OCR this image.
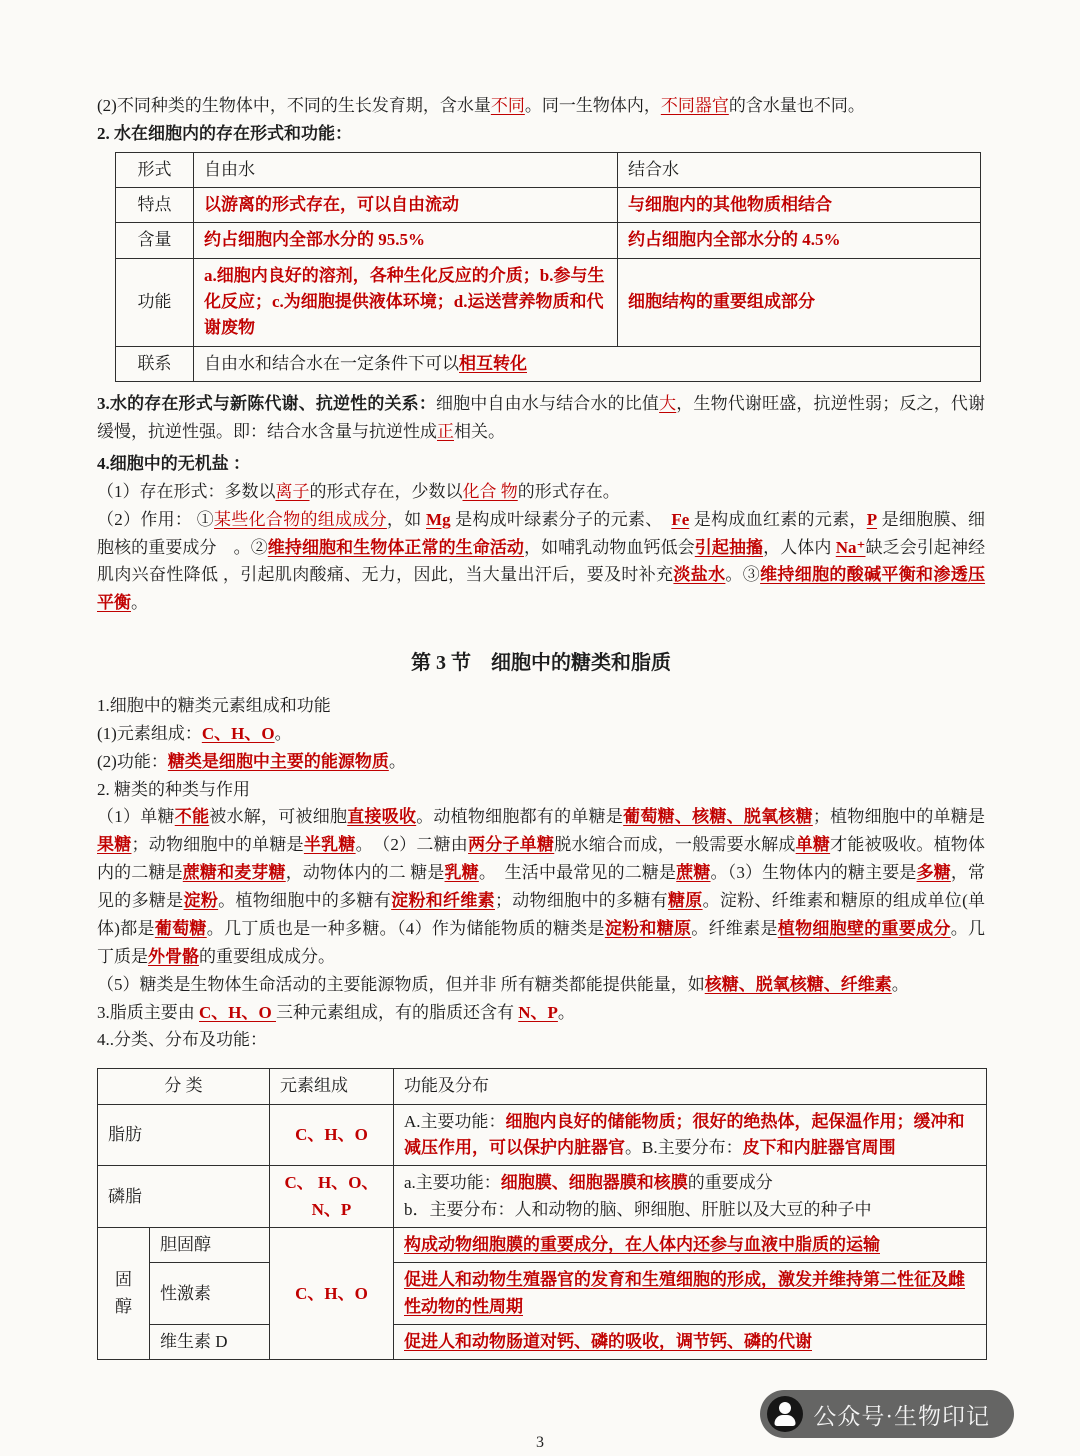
(2)不同种类的生物体中，不同的生长发育期，含水量不同。同一生物体内，不同器官的含水量也不同。

2. 水在细胞内的存在形式和功能：

形式	自由水	结合水
特点	以游离的形式存在，可以自由流动	与细胞内的其他物质相结合
含量	约占细胞内全部水分的 95.5%	约占细胞内全部水分的 4.5%
功能	a.细胞内良好的溶剂，各种生化反应的介质；b.参与生化反应；c.为细胞提供液体环境；d.运送营养物质和代谢废物	细胞结构的重要组成部分
联系	自由水和结合水在一定条件下可以相互转化	

3.水的存在形式与新陈代谢、抗逆性的关系：细胞中自由水与结合水的比值大，生物代谢旺盛，抗逆性弱；反之，代谢缓慢，抗逆性强。即：结合水含量与抗逆性成正相关。

4.细胞中的无机盐 ：

（1）存在形式：多数以离子的形式存在，少数以化合 物的形式存在。

（2）作用： ①某些化合物的组成成分，如 Mg 是构成叶绿素分子的元素、　Fe 是构成血红素的元素，P 是细胞膜、细胞核的重要成分　。②维持细胞和生物体正常的生命活动，如哺乳动物血钙低会引起抽搐，人体内 Na⁺缺乏会引起神经肌肉兴奋性降低 ，引起肌肉酸痛、无力，因此，当大量出汗后，要及时补充淡盐水。③维持细胞的酸碱平衡和渗透压平衡。

第 3 节　细胞中的糖类和脂质

1.细胞中的糖类元素组成和功能

(1)元素组成：C、H、O。

(2)功能：糖类是细胞中主要的能源物质。

2. 糖类的种类与作用

（1）单糖不能被水解，可被细胞直接吸收。动植物细胞都有的单糖是葡萄糖、核糖、脱氧核糖；植物细胞中的单糖是果糖；动物细胞中的单糖是半乳糖。　（2）二糖由两分子单糖脱水缩合而成，一般需要水解成单糖才能被吸收。植物体内的二糖是蔗糖和麦芽糖，动物体内的二 糖是乳糖。　生活中最常见的二糖是蔗糖。（3）生物体内的糖主要是多糖，常见的多糖是淀粉。植物细胞中的多糖有淀粉和纤维素；动物细胞中的多糖有糖原。淀粉、纤维素和糖原的组成单位(单体)都是葡萄糖。几丁质也是一种多糖。（4）作为储能物质的糖类是淀粉和糖原。纤维素是植物细胞壁的重要成分。几丁质是外骨骼的重要组成成分。

（5）糖类是生物体生命活动的主要能源物质，但并非 所有糖类都能提供能量，如核糖、脱氧核糖、纤维素。

3.脂质主要由 C、H、O 三种元素组成，有的脂质还含有 N、P。

4..分类、分布及功能：

分 类		元素组成	功能及分布
脂肪		C、H、O	A.主要功能：细胞内良好的储能物质；很好的绝热体，起保温作用；缓冲和减压作用，可以保护内脏器官。B.主要分布：皮下和内脏器官周围
磷脂		C、 H、O、N、P	a.主要功能：细胞膜、细胞器膜和核膜的重要成分
b．主要分布：人和动物的脑、卵细胞、肝脏以及大豆的种子中

固醇	胆固醇	C、H、O	构成动物细胞膜的重要成分，在人体内还参与血液中脂质的运输
	性激素		促进人和动物生殖器官的发育和生殖细胞的形成，激发并维持第二性征及雌性动物的性周期
	维生素 D		促进人和动物肠道对钙、磷的吸收，调节钙、磷的代谢
公众号·生物印记
3
